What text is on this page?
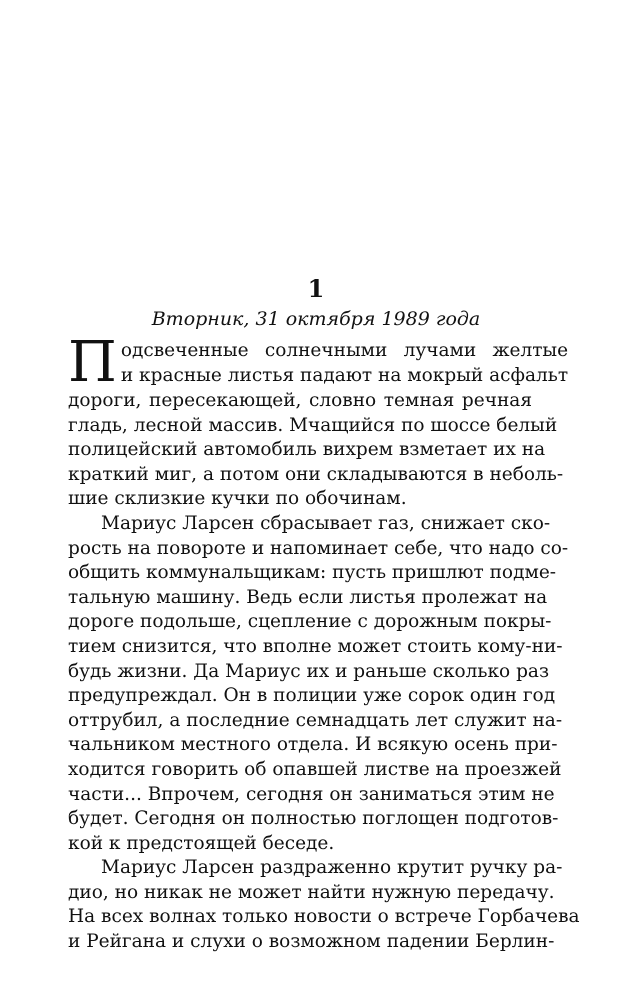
1
Вторник, 31 октября 1989 года
П одсвеченные солнечными лучами желтые
и красные листья падают на мокрый асфальт
дороги, пересекающей, словно темная речная
гладь, лесной массив. Мчащийся по шоссе белый
полицейский автомобиль вихрем взметает их на
краткий миг, а потом они складываются в неболь-
шие склизкие кучки по обочинам.
Мариус Ларсен сбрасывает газ, снижает ско-
рость на повороте и напоминает себе, что надо со-
общить коммунальщикам: пусть пришлют подме-
тальную машину. Ведь если листья пролежат на
дороге подольше, сцепление с дорожным покры-
тием снизится, что вполне может стоить кому-ни-
будь жизни. Да Мариус их и раньше сколько раз
предупреждал. Он в полиции уже сорок один год
оттрубил, а последние семнадцать лет служит на-
чальником местного отдела. И всякую осень при-
ходится говорить об опавшей листве на проезжей
части... Впрочем, сегодня он заниматься этим не
будет. Сегодня он полностью поглощен подготов-
кой к предстоящей беседе.
Мариус Ларсен раздраженно крутит ручку ра-
дио, но никак не может найти нужную передачу.
На всех волнах только новости о встрече Горбачева
и Рейгана и слухи о возможном падении Берлин-
